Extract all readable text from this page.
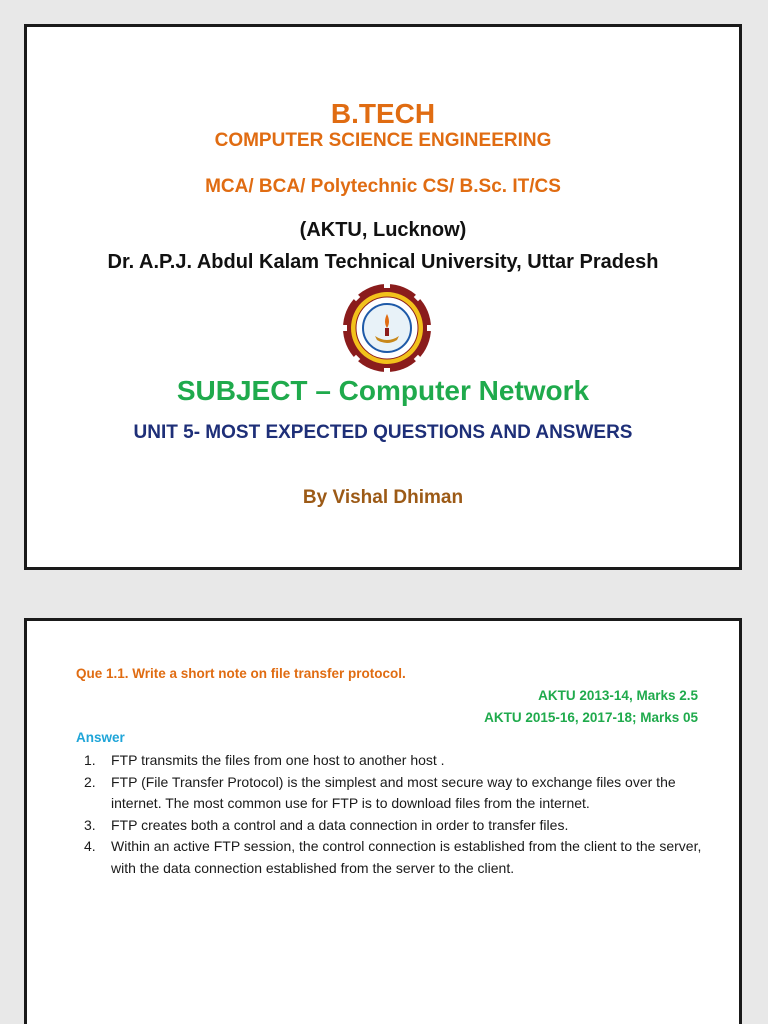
B.TECH
COMPUTER SCIENCE ENGINEERING
MCA/ BCA/ Polytechnic CS/ B.Sc. IT/CS
(AKTU, Lucknow)
Dr. A.P.J. Abdul Kalam Technical University, Uttar Pradesh
SUBJECT – Computer Network
UNIT 5- MOST EXPECTED QUESTIONS AND ANSWERS
By Vishal Dhiman
Que 1.1. Write a short note on file transfer protocol.
AKTU 2013-14, Marks 2.5
AKTU 2015-16, 2017-18; Marks 05
Answer
1. FTP transmits the files from one host to another host .
2. FTP (File Transfer Protocol) is the simplest and most secure way to exchange files over the internet. The most common use for FTP is to download files from the internet.
3. FTP creates both a control and a data connection in order to transfer files.
4. Within an active FTP session, the control connection is established from the client to the server, with the data connection established from the server to the client.
